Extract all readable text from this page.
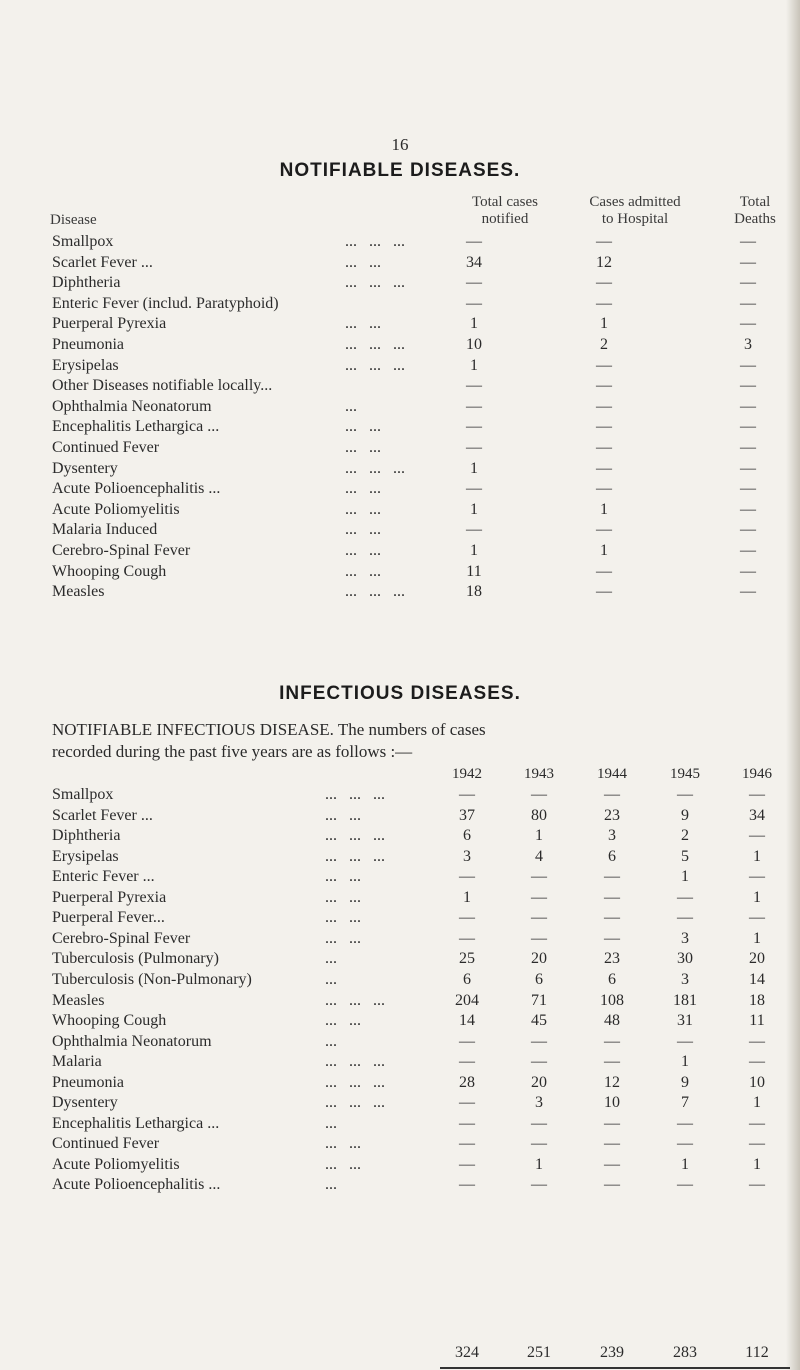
16
NOTIFIABLE DISEASES.
Disease
Total cases
notified
Cases admitted
to Hospital
Total
Deaths
Smallpox	...   ...   ...	—	—	—
Scarlet Fever ...	...   ...	34	12	—
Diphtheria	...   ...   ...	—	—	—
Enteric Fever (includ. Paratyphoid)	—	—	—
Puerperal Pyrexia	...   ...	1	1	—
Pneumonia	...   ...   ...	10	2	3
Erysipelas	...   ...   ...	1	—	—
Other Diseases notifiable locally...	—	—	—
Ophthalmia Neonatorum	...	—	—	—
Encephalitis Lethargica ...	...   ...	—	—	—
Continued Fever	...   ...	—	—	—
Dysentery	...   ...   ...	1	—	—
Acute Polioencephalitis ...	...   ...	—	—	—
Acute Poliomyelitis	...   ...	1	1	—
Malaria Induced	...   ...	—	—	—
Cerebro-Spinal Fever	...   ...	1	1	—
Whooping Cough	...   ...	11	—	—
Measles	...   ...   ...	18	—	—
INFECTIOUS DISEASES.
NOTIFIABLE INFECTIOUS DISEASE. The numbers of cases
recorded during the past five years are as follows :—
1942	1943	1944	1945	1946
Smallpox	...   ...   ...	—	—	—	—	—
Scarlet Fever ...	...   ...	37	80	23	9	34
Diphtheria	...   ...   ...	6	1	3	2	—
Erysipelas	...   ...   ...	3	4	6	5	1
Enteric Fever ...	...   ...	—	—	—	1	—
Puerperal Pyrexia	...   ...	1	—	—	—	1
Puerperal Fever...	...   ...	—	—	—	—	—
Cerebro-Spinal Fever	...   ...	—	—	—	3	1
Tuberculosis (Pulmonary)	...	25	20	23	30	20
Tuberculosis (Non-Pulmonary)	...	6	6	6	3	14
Measles	...   ...   ...	204	71	108	181	18
Whooping Cough	...   ...	14	45	48	31	11
Ophthalmia Neonatorum	...	—	—	—	—	—
Malaria	...   ...   ...	—	—	—	1	—
Pneumonia	...   ...   ...	28	20	12	9	10
Dysentery	...   ...   ...	—	3	10	7	1
Encephalitis Lethargica ...	...	—	—	—	—	—
Continued Fever	...   ...	—	—	—	—	—
Acute Poliomyelitis	...   ...	—	1	—	1	1
Acute Polioencephalitis ...	...	—	—	—	—	—
324	251	239	283	112
